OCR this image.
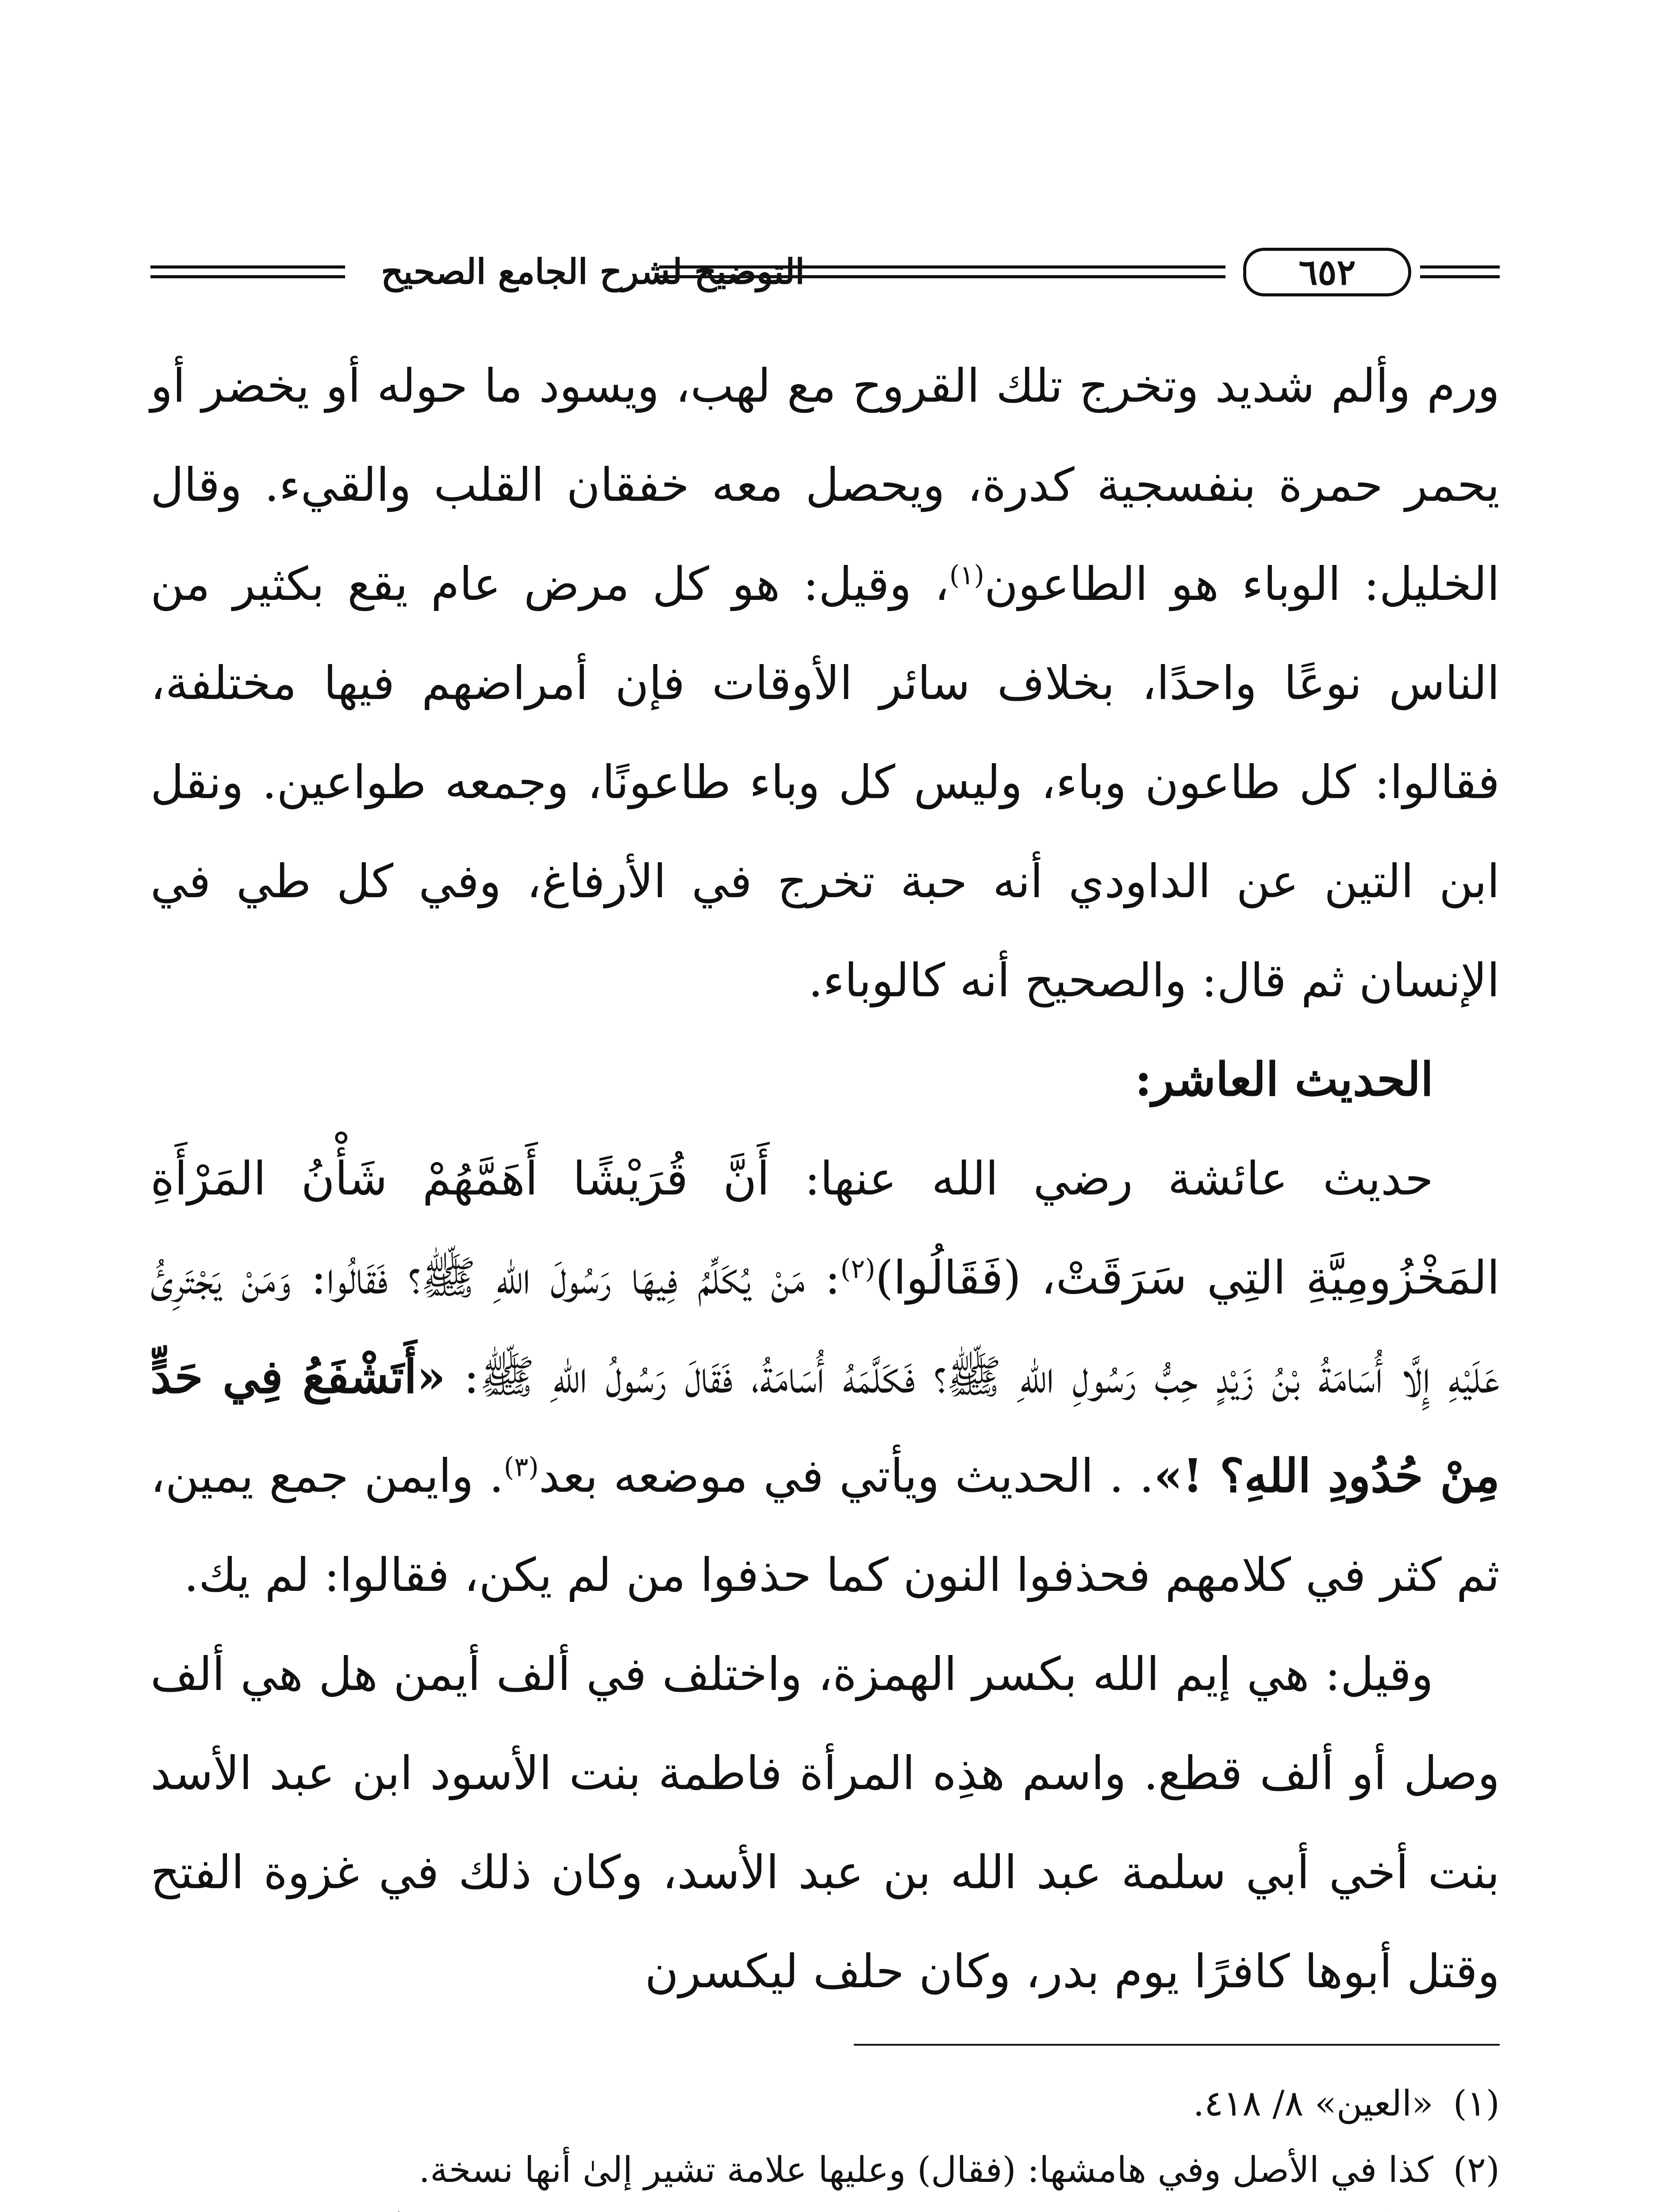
٦٥٢
التوضيح لشرح الجامع الصحيح

ورم وألم شديد وتخرج تلك القروح مع لهب، ويسود ما حوله أو يخضر أو يحمر حمرة بنفسجية كدرة، ويحصل معه خفقان القلب والقيء. وقال الخليل: الوباء هو الطاعون$^{(١)}$، وقيل: هو كل مرض عام يقع بكثير من الناس نوعًا واحدًا، بخلاف سائر الأوقات فإن أمراضهم فيها مختلفة، فقالوا: كل طاعون وباء، وليس كل وباء طاعونًا، وجمعه طواعين. ونقل ابن التين عن الداودي أنه حبة تخرج في الأرفاغ، وفي كل طي في الإنسان ثم قال: والصحيح أنه كالوباء.

الحديث العاشر:

حديث عائشة رضي الله عنها: أَنَّ قُرَيْشًا أَهَمَّهُمْ شَأْنُ المَرْأَةِ المَخْزُومِيَّةِ التِي سَرَقَتْ، (فَقَالُوا)$^{(٢)}$: مَنْ يُكَلِّمُ فِيهَا رَسُولَ اللهِ ﷺ؟ فَقَالُوا: وَمَنْ يَجْتَرِئُ عَلَيْهِ إِلَّا أُسَامَةُ بْنُ زَيْدٍ حِبُّ رَسُولِ اللهِ ﷺ؟ فَكَلَّمَهُ أُسَامَةُ، فَقَالَ رَسُولُ اللهِ ﷺ: «أَتَشْفَعُ فِي حَدٍّ مِنْ حُدُودِ اللهِ؟ !». . الحديث ويأتي في موضعه بعد$^{(٣)}$. وايمن جمع يمين، ثم كثر في كلامهم فحذفوا النون كما حذفوا من لم يكن، فقالوا: لم يك.

وقيل: هي إيم الله بكسر الهمزة، واختلف في ألف أيمن هل هي ألف وصل أو ألف قطع. واسم هذِه المرأة فاطمة بنت الأسود ابن عبد الأسد بنت أخي أبي سلمة عبد الله بن عبد الأسد، وكان ذلك في غزوة الفتح وقتل أبوها كافرًا يوم بدر، وكان حلف ليكسرن

(١)
«العين» ٨/ ٤١٨.
(٢)
كذا في الأصل وفي هامشها: (فقال) وعليها علامة تشير إلىٰ أنها نسخة.
